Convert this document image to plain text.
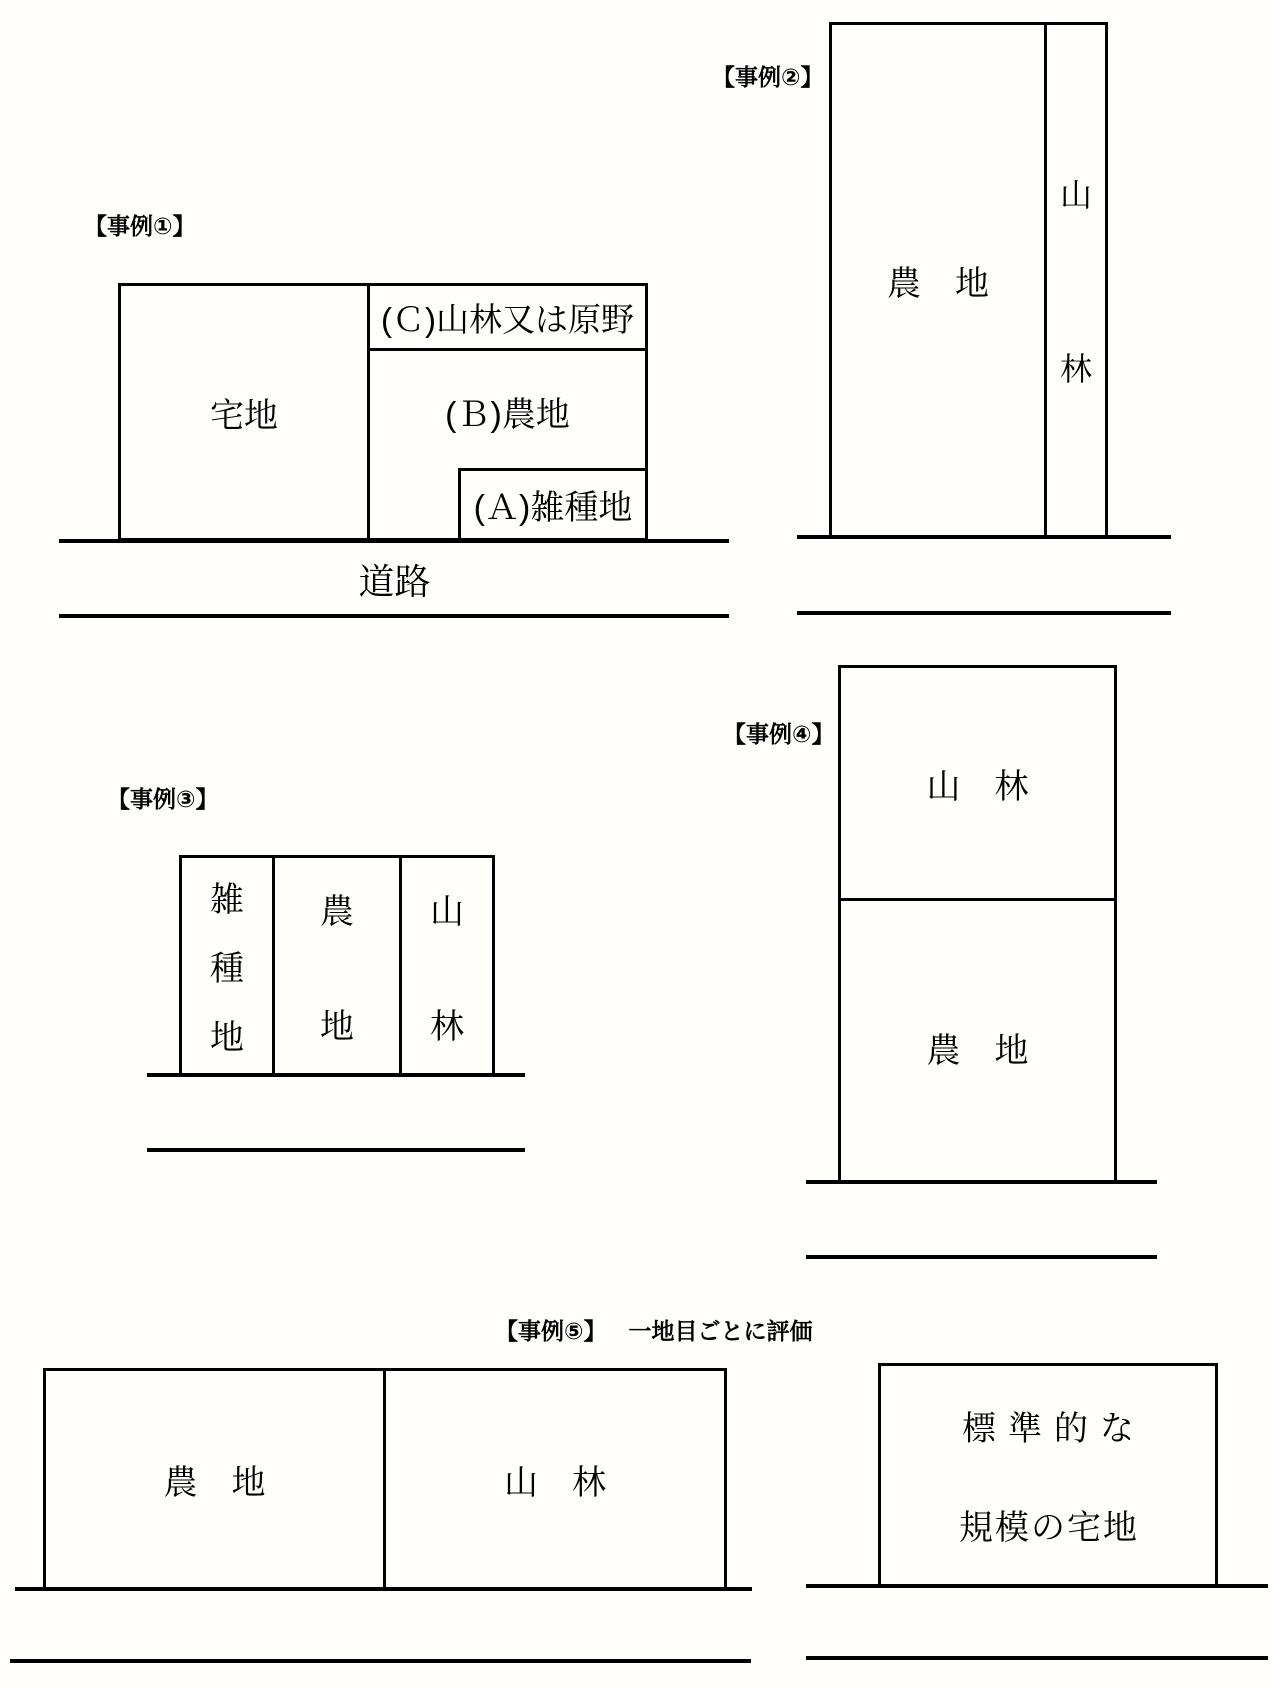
【事例①】
宅地
(Ｃ)山林又は原野
(Ｂ)農地
(Ａ)雑種地
道路
【事例②】
農　地
山
林
【事例③】
雑
種
地
農
地
山
林
【事例④】
山　林
農　地
【事例⑤】 一地目ごとに評価
農　地	山　林
標準的な
規模の宅地
